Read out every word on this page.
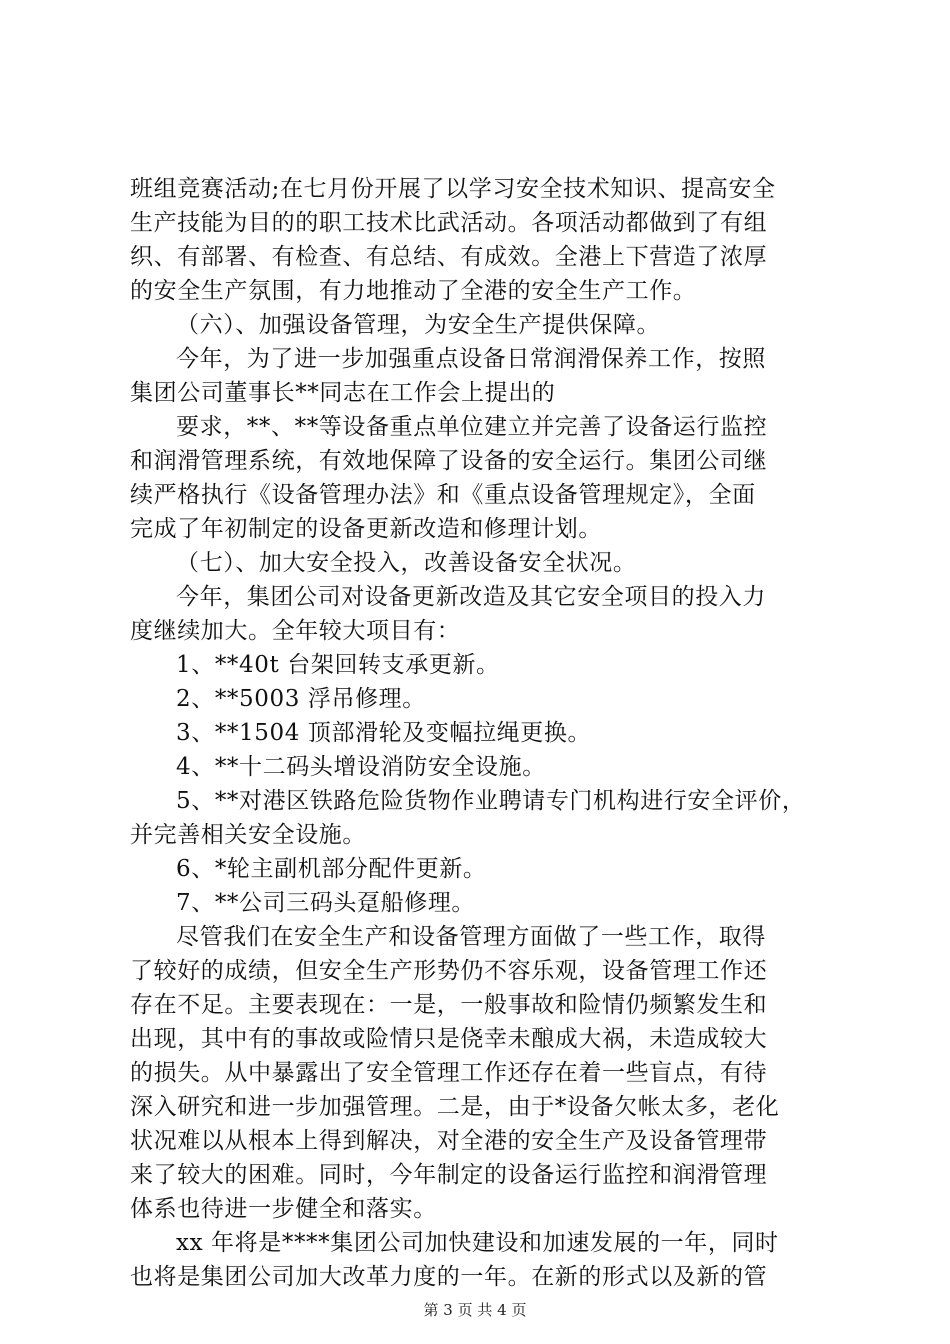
班组竞赛活动;在七月份开展了以学习安全技术知识、提高安全
生产技能为目的的职工技术比武活动。各项活动都做到了有组
织、有部署、有检查、有总结、有成效。全港上下营造了浓厚
的安全生产氛围，有力地推动了全港的安全生产工作。
（六）、加强设备管理，为安全生产提供保障。
今年，为了进一步加强重点设备日常润滑保养工作，按照
集团公司董事长**同志在工作会上提出的
要求，**、**等设备重点单位建立并完善了设备运行监控
和润滑管理系统，有效地保障了设备的安全运行。集团公司继
续严格执行《设备管理办法》和《重点设备管理规定》，全面
完成了年初制定的设备更新改造和修理计划。
（七）、加大安全投入，改善设备安全状况。
今年，集团公司对设备更新改造及其它安全项目的投入力
度继续加大。全年较大项目有：
1、**40t 台架回转支承更新。
2、**5003 浮吊修理。
3、**1504 顶部滑轮及变幅拉绳更换。
4、**十二码头增设消防安全设施。
5、**对港区铁路危险货物作业聘请专门机构进行安全评价，
并完善相关安全设施。
6、*轮主副机部分配件更新。
7、**公司三码头趸船修理。
尽管我们在安全生产和设备管理方面做了一些工作，取得
了较好的成绩，但安全生产形势仍不容乐观，设备管理工作还
存在不足。主要表现在：一是，一般事故和险情仍频繁发生和
出现，其中有的事故或险情只是侥幸未酿成大祸，未造成较大
的损失。从中暴露出了安全管理工作还存在着一些盲点，有待
深入研究和进一步加强管理。二是，由于*设备欠帐太多，老化
状况难以从根本上得到解决，对全港的安全生产及设备管理带
来了较大的困难。同时，今年制定的设备运行监控和润滑管理
体系也待进一步健全和落实。
xx 年将是****集团公司加快建设和加速发展的一年，同时
也将是集团公司加大改革力度的一年。在新的形式以及新的管
第 3 页 共 4 页
